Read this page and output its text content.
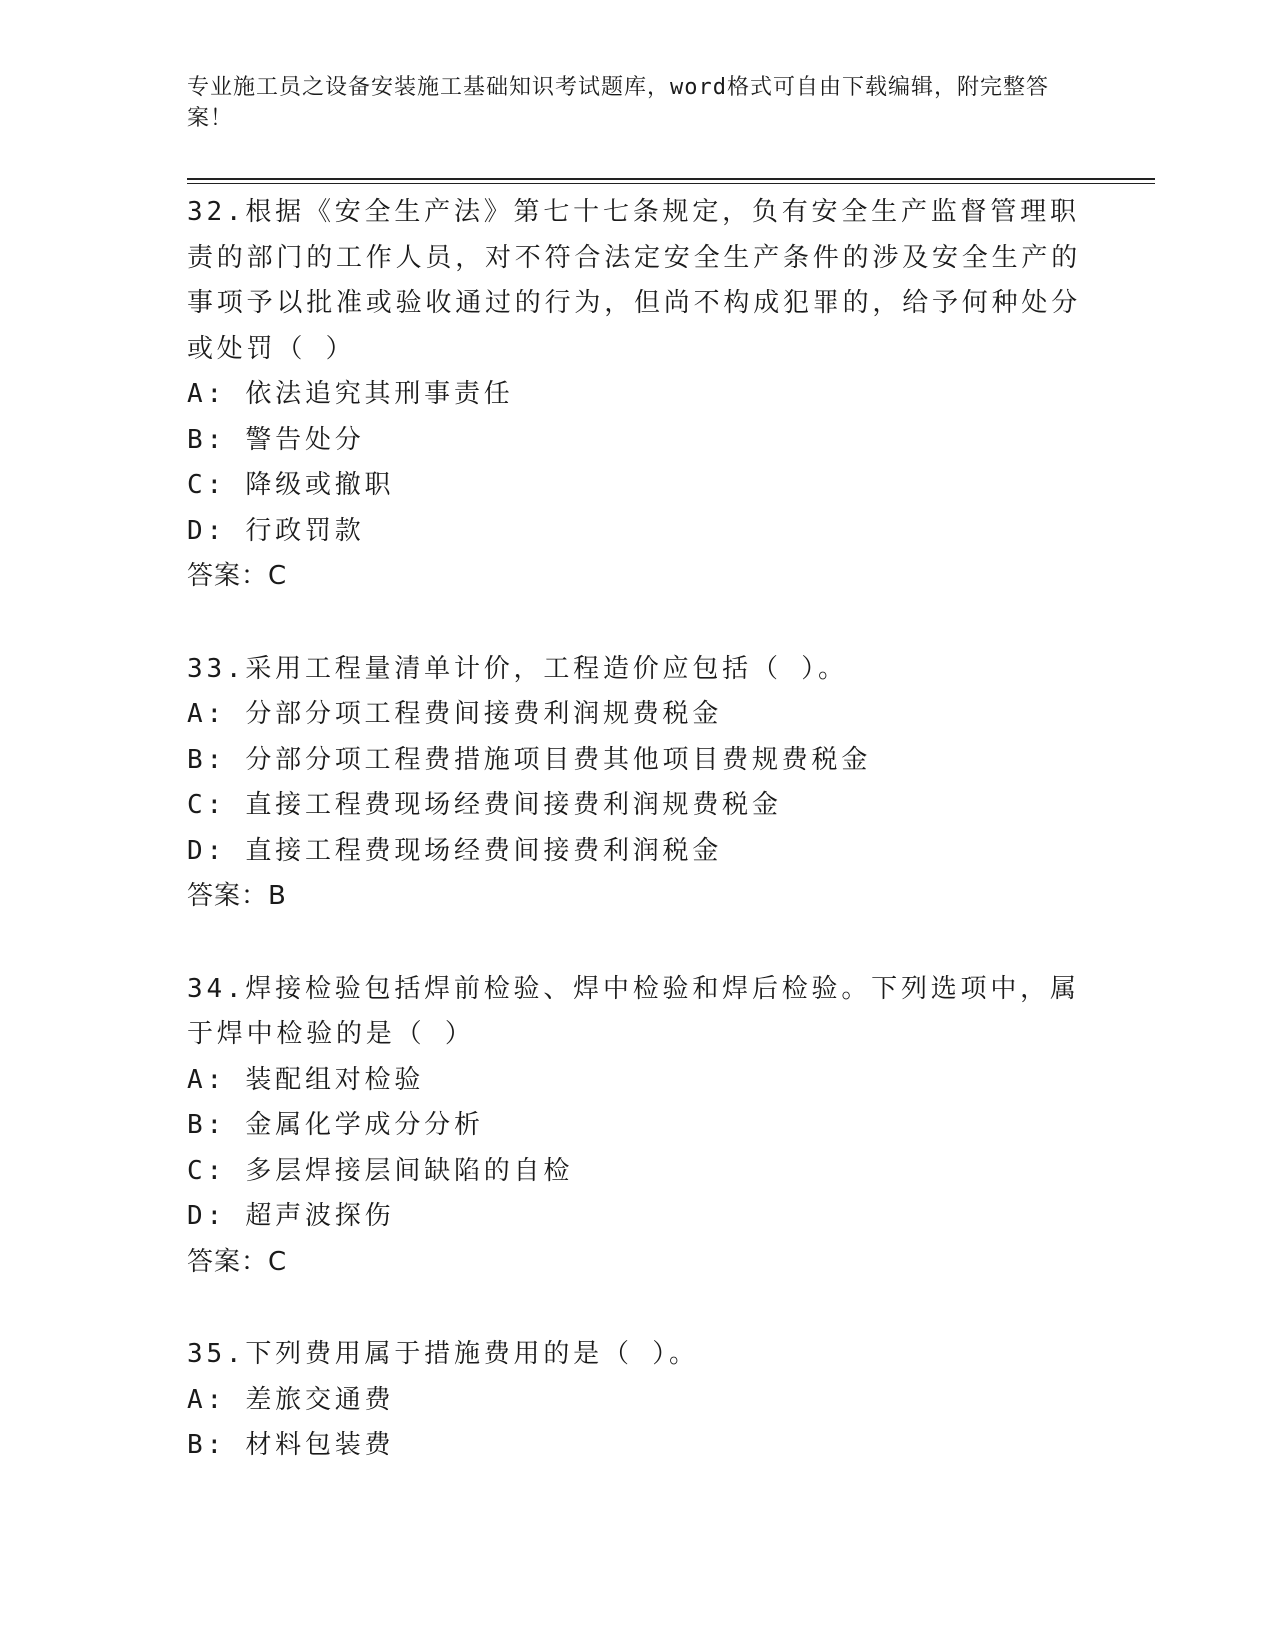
专业施工员之设备安装施工基础知识考试题库，word格式可自由下载编辑，附完整答案！

32.根据《安全生产法》第七十七条规定，负有安全生产监督管理职责的部门的工作人员，对不符合法定安全生产条件的涉及安全生产的事项予以批准或验收通过的行为，但尚不构成犯罪的，给予何种处分或处罚（ ）

A: 依法追究其刑事责任

B: 警告处分

C: 降级或撤职

D: 行政罚款

答案：C

33.采用工程量清单计价，工程造价应包括（ ）。

A: 分部分项工程费间接费利润规费税金

B: 分部分项工程费措施项目费其他项目费规费税金

C: 直接工程费现场经费间接费利润规费税金

D: 直接工程费现场经费间接费利润税金

答案：B

34.焊接检验包括焊前检验、焊中检验和焊后检验。下列选项中，属于焊中检验的是（ ）

A: 装配组对检验

B: 金属化学成分分析

C: 多层焊接层间缺陷的自检

D: 超声波探伤

答案：C

35.下列费用属于措施费用的是（ ）。

A: 差旅交通费

B: 材料包装费
